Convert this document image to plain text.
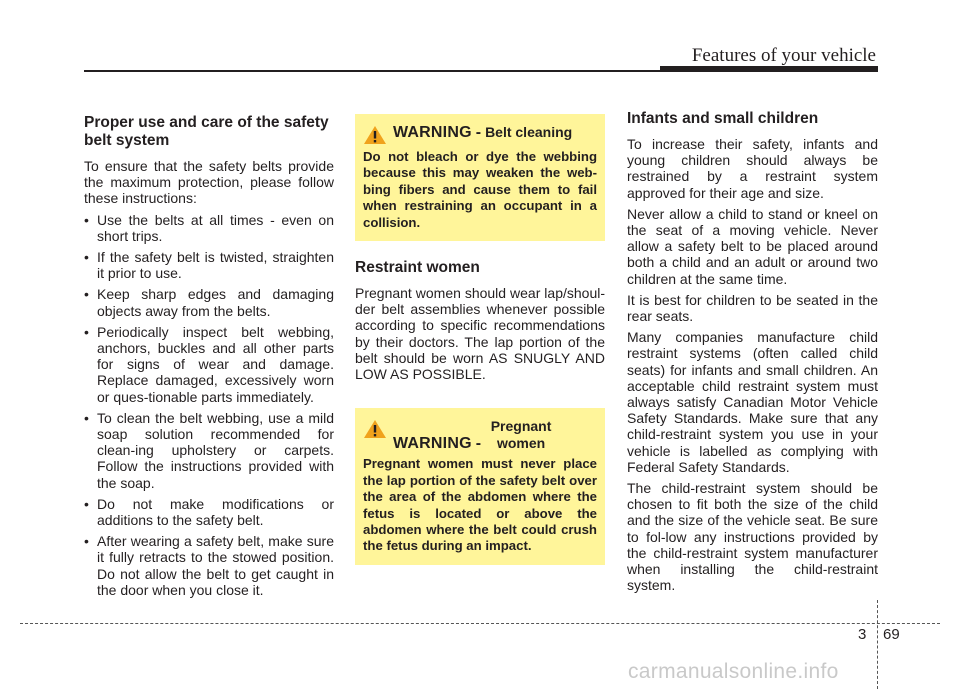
Features of your vehicle
Proper use and care of the safety belt system

To ensure that the safety belts provide the maximum protection, please follow these instructions:

• Use the belts at all times - even on short trips.
• If the safety belt is twisted, straighten it prior to use.
• Keep sharp edges and damaging objects away from the belts.
• Periodically inspect belt webbing, anchors, buckles and all other parts for signs of wear and damage. Replace damaged, excessively worn or ques-tionable parts immediately.
• To clean the belt webbing, use a mild soap solution recommended for clean-ing upholstery or carpets. Follow the instructions provided with the soap.
• Do not make modifications or additions to the safety belt.
• After wearing a safety belt, make sure it fully retracts to the stowed position. Do not allow the belt to get caught in the door when you close it.
WARNING - Belt cleaning
Do not bleach or dye the webbing because this may weaken the web-bing fibers and cause them to fail when restraining an occupant in a collision.
Restraint women

Pregnant women should wear lap/shoul-der belt assemblies whenever possible according to specific recommendations by their doctors. The lap portion of the belt should be worn AS SNUGLY AND LOW AS POSSIBLE.

WARNING -Pregnant women
Pregnant women must never place the lap portion of the safety belt over the area of the abdomen where the fetus is located or above the abdomen where the belt could crush the fetus during an impact.
Infants and small children

To increase their safety, infants and young children should always be restrained by a restraint system approved for their age and size.

Never allow a child to stand or kneel on the seat of a moving vehicle. Never allow a safety belt to be placed around both a child and an adult or around two children at the same time.

It is best for children to be seated in the rear seats.

Many companies manufacture child restraint systems (often called child seats) for infants and small children. An acceptable child restraint system must always satisfy Canadian Motor Vehicle Safety Standards. Make sure that any child-restraint system you use in your vehicle is labelled as complying with Federal Safety Standards.

The child-restraint system should be chosen to fit both the size of the child and the size of the vehicle seat. Be sure to fol-low any instructions provided by the child-restraint system manufacturer when installing the child-restraint system.

3 69
carmanualsonline.info
